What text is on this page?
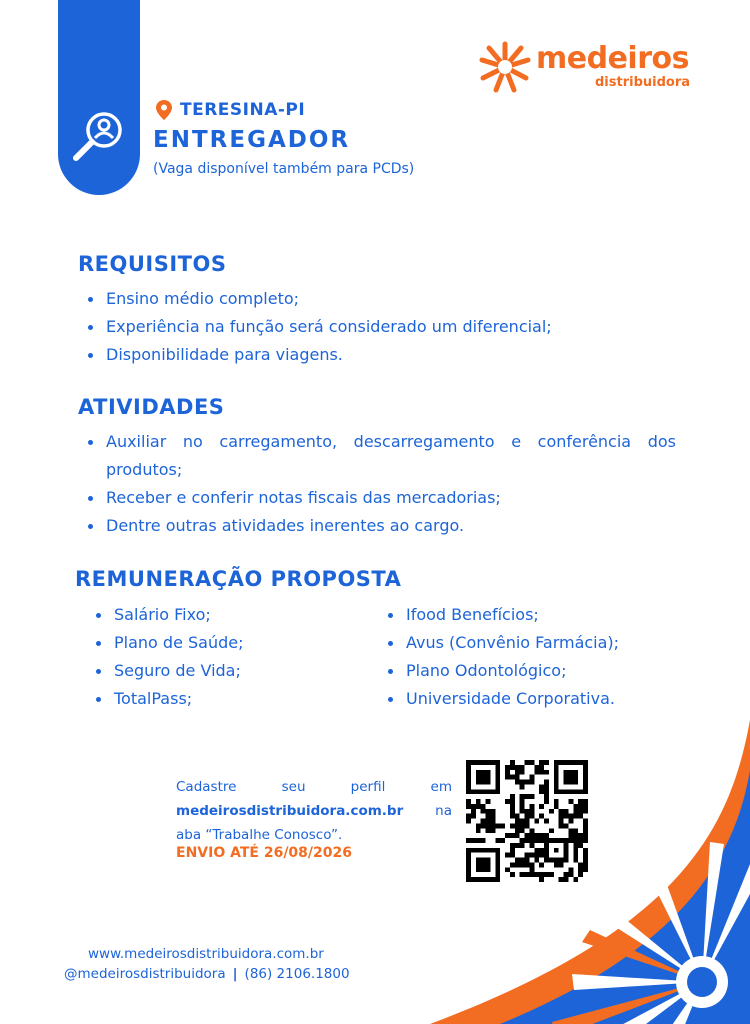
medeiros
distribuidora
TERESINA-PI
ENTREGADOR
(Vaga disponível também para PCDs)
REQUISITOS
Ensino médio completo;
Experiência na função será considerado um diferencial;
Disponibilidade para viagens.
ATIVIDADES
Auxiliar no carregamento, descarregamento e conferência dos produtos;
Receber e conferir notas fiscais das mercadorias;
Dentre outras atividades inerentes ao cargo.
REMUNERAÇÃO PROPOSTA
Salário Fixo;
Plano de Saúde;
Seguro de Vida;
TotalPass;
Ifood Benefícios;
Avus (Convênio Farmácia);
Plano Odontológico;
Universidade Corporativa.
Cadastre seu perfil em medeirosdistribuidora.com.br na aba “Trabalhe Conosco”.
ENVIO ATÉ 26/08/2026
www.medeirosdistribuidora.com.br
@medeirosdistribuidora | (86) 2106.1800
